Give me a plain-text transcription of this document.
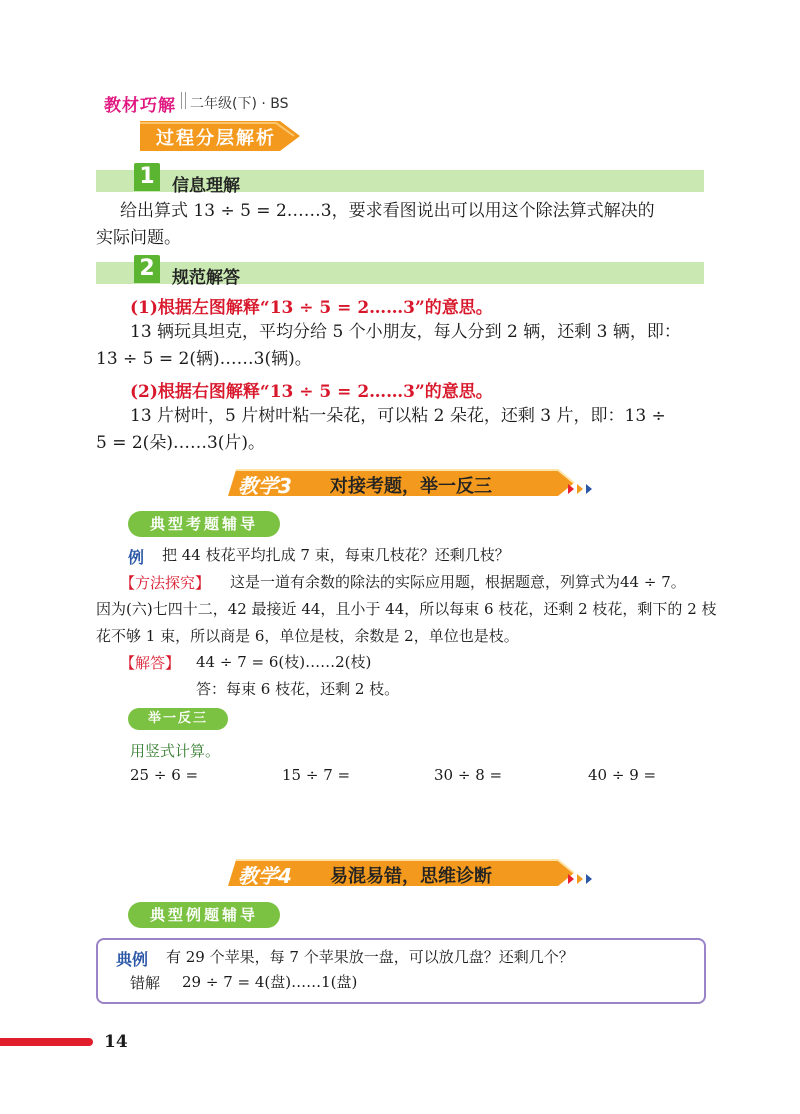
教材巧解 二年级(下) · BS
过程分层解析
1	信息理解
给出算式 13 ÷ 5 = 2……3，要求看图说出可以用这个除法算式解决的
实际问题。
2	规范解答
(1)根据左图解释“13 ÷ 5 = 2……3”的意思。
13 辆玩具坦克，平均分给 5 个小朋友，每人分到 2 辆，还剩 3 辆，即：
13 ÷ 5 = 2(辆)……3(辆)。
(2)根据右图解释“13 ÷ 5 = 2……3”的意思。
13 片树叶，5 片树叶粘一朵花，可以粘 2 朵花，还剩 3 片，即：13 ÷
5 = 2(朵)……3(片)。
教学3 对接考题，举一反三
典型考题辅导
例 把 44 枝花平均扎成 7 束，每束几枝花？还剩几枝？
【方法探究】 这是一道有余数的除法的实际应用题，根据题意，列算式为44 ÷ 7。
因为(六)七四十二，42 最接近 44，且小于 44，所以每束 6 枝花，还剩 2 枝花，剩下的 2 枝
花不够 1 束，所以商是 6，单位是枝，余数是 2，单位也是枝。
【解答】 44 ÷ 7 = 6(枝)……2(枝)
答：每束 6 枝花，还剩 2 枝。
举一反三
用竖式计算。
25 ÷ 6 =	15 ÷ 7 =	30 ÷ 8 =	40 ÷ 9 =
教学4 易混易错，思维诊断
典型例题辅导
典例 有 29 个苹果，每 7 个苹果放一盘，可以放几盘？还剩几个？
错解 29 ÷ 7 = 4(盘)……1(盘)
14
